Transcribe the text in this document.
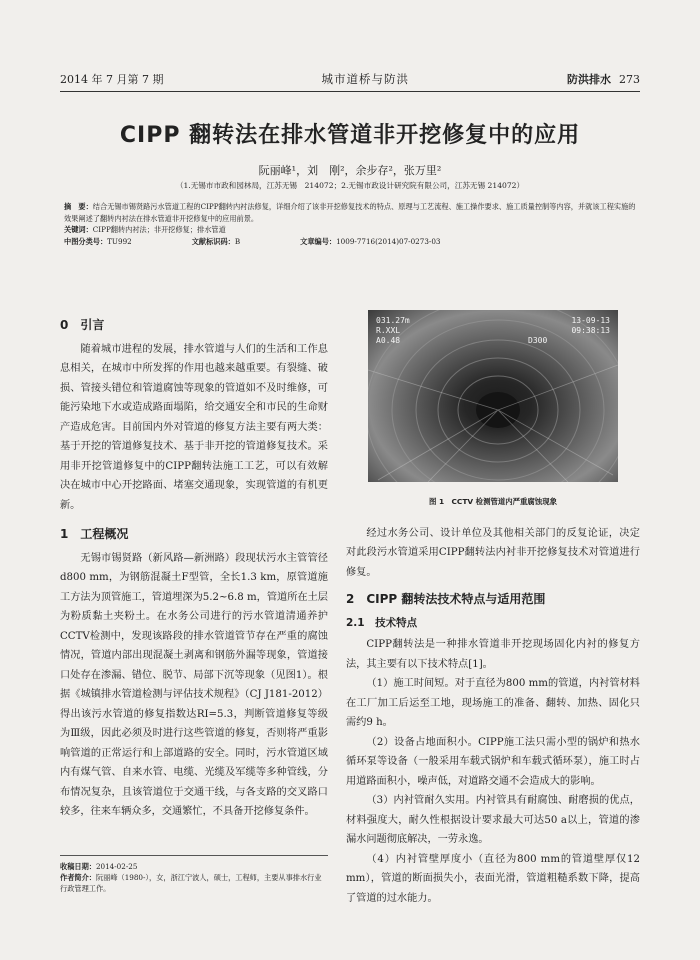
2014 年 7 月第 7 期	城市道桥与防洪	防洪排水 273
CIPP 翻转法在排水管道非开挖修复中的应用
阮丽峰¹，刘　刚²，余步存²，张万里²
（1.无锡市市政和园林局，江苏无锡　214072；2.无锡市政设计研究院有限公司，江苏无锡 214072）
摘　要：结合无锡市锡贤路污水管道工程的CIPP翻转内衬法修复，详细介绍了该非开挖修复技术的特点、原理与工艺流程、施工操作要求、施工质量控制等内容，并就该工程实施的效果阐述了翻转内衬法在排水管道非开挖修复中的应用前景。
关键词：CIPP翻转内衬法；非开挖修复；排水管道
中图分类号：TU992	文献标识码：B	文章编号：1009-7716(2014)07-0273-03
0　引言

随着城市进程的发展，排水管道与人们的生活和工作息息相关，在城市中所发挥的作用也越来越重要。有裂缝、破损、管接头错位和管道腐蚀等现象的管道如不及时维修，可能污染地下水或造成路面塌陷，给交通安全和市民的生命财产造成危害。目前国内外对管道的修复方法主要有两大类：基于开挖的管道修复技术、基于非开挖的管道修复技术。采用非开挖管道修复中的CIPP翻转法施工工艺，可以有效解决在城市中心开挖路面、堵塞交通现象，实现管道的有机更新。

1　工程概况

无锡市锡贤路（新风路—新洲路）段现状污水主管管径d800 mm，为钢筋混凝土F型管，全长1.3 km，原管道施工方法为顶管施工，管道埋深为5.2~6.8 m，管道所在土层为粉质黏土夹粉土。在水务公司进行的污水管道清通养护CCTV检测中，发现该路段的排水管道管节存在严重的腐蚀情况，管道内部出现混凝土剥离和钢筋外漏等现象，管道接口处存在渗漏、错位、脱节、局部下沉等现象（见图1）。根据《城镇排水管道检测与评估技术规程》（CJ J181-2012）得出该污水管道的修复指数达RI=5.3，判断管道修复等级为Ⅲ级，因此必须及时进行这些管道的修复，否则将严重影响管道的正常运行和上部道路的安全。同时，污水管道区域内有煤气管、自来水管、电缆、光缆及军缆等多种管线，分布情况复杂，且该管道位于交通干线，与各支路的交叉路口较多，往来车辆众多，交通繁忙，不具备开挖修复条件。

031.27m
R.XXL
A0.48
13-09-13
09:38:13
D300
图 1　CCTV 检测管道内严重腐蚀现象

经过水务公司、设计单位及其他相关部门的反复论证，决定对此段污水管道采用CIPP翻转法内衬非开挖修复技术对管道进行修复。

2　CIPP 翻转法技术特点与适用范围
2.1　技术特点

CIPP翻转法是一种排水管道非开挖现场固化内衬的修复方法，其主要有以下技术特点[1]。

（1）施工时间短。对于直径为800 mm的管道，内衬管材料在工厂加工后运至工地，现场施工的准备、翻转、加热、固化只需约9 h。

（2）设备占地面积小。CIPP施工法只需小型的锅炉和热水循环泵等设备（一般采用车载式锅炉和车载式循环泵），施工时占用道路面积小，噪声低，对道路交通不会造成大的影响。

（3）内衬管耐久实用。内衬管具有耐腐蚀、耐磨损的优点，材料强度大，耐久性根据设计要求最大可达50 a以上，管道的渗漏水问题彻底解决，一劳永逸。

（4）内衬管壁厚度小（直径为800 mm的管道壁厚仅12 mm），管道的断面损失小，表面光滑，管道粗糙系数下降，提高了管道的过水能力。

收稿日期：2014-02-25
作者简介：阮丽峰（1980-），女，浙江宁波人，硕士，工程师，主要从事排水行业行政管理工作。
